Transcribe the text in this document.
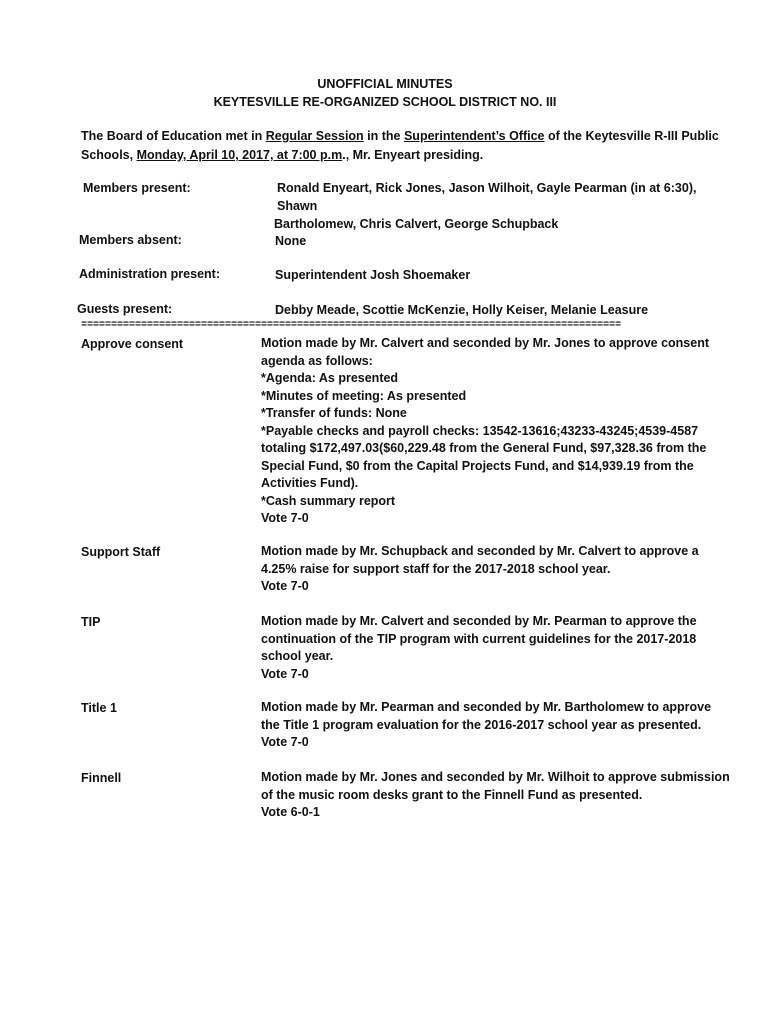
UNOFFICIAL MINUTES
KEYTESVILLE RE-ORGANIZED SCHOOL DISTRICT NO. III
The Board of Education met in Regular Session in the Superintendent’s Office of the Keytesville R-III Public Schools, Monday, April 10, 2017, at 7:00 p.m., Mr. Enyeart presiding.
Members present:	Ronald Enyeart, Rick Jones, Jason Wilhoit, Gayle Pearman (in at 6:30), Shawn
Bartholomew, Chris Calvert, George Schupback
Members absent:	None
Administration present:	Superintendent Josh Shoemaker
Guests present:	Debby Meade, Scottie McKenzie, Holly Keiser, Melanie Leasure
==========================================================================================
Approve consent	Motion made by Mr. Calvert and seconded by Mr. Jones to approve consent
agenda as follows:
*Agenda: As presented
*Minutes of meeting: As presented
*Transfer of funds: None
*Payable checks and payroll checks: 13542-13616;43233-43245;4539-4587
totaling $172,497.03($60,229.48 from the General Fund, $97,328.36 from the
Special Fund, $0 from the Capital Projects Fund, and $14,939.19 from the
Activities Fund).
*Cash summary report
Vote 7-0
Support Staff	Motion made by Mr. Schupback and seconded by Mr. Calvert to approve a
4.25% raise for support staff for the 2017-2018 school year.
Vote 7-0
TIP	Motion made by Mr. Calvert and seconded by Mr. Pearman to approve the
continuation of the TIP program with current guidelines for the 2017-2018
school year.
Vote 7-0
Title 1	Motion made by Mr. Pearman and seconded by Mr. Bartholomew to approve
the Title 1 program evaluation for the 2016-2017 school year as presented.
Vote 7-0
Finnell	Motion made by Mr. Jones and seconded by Mr. Wilhoit to approve submission
of the music room desks grant to the Finnell Fund as presented.
Vote 6-0-1
